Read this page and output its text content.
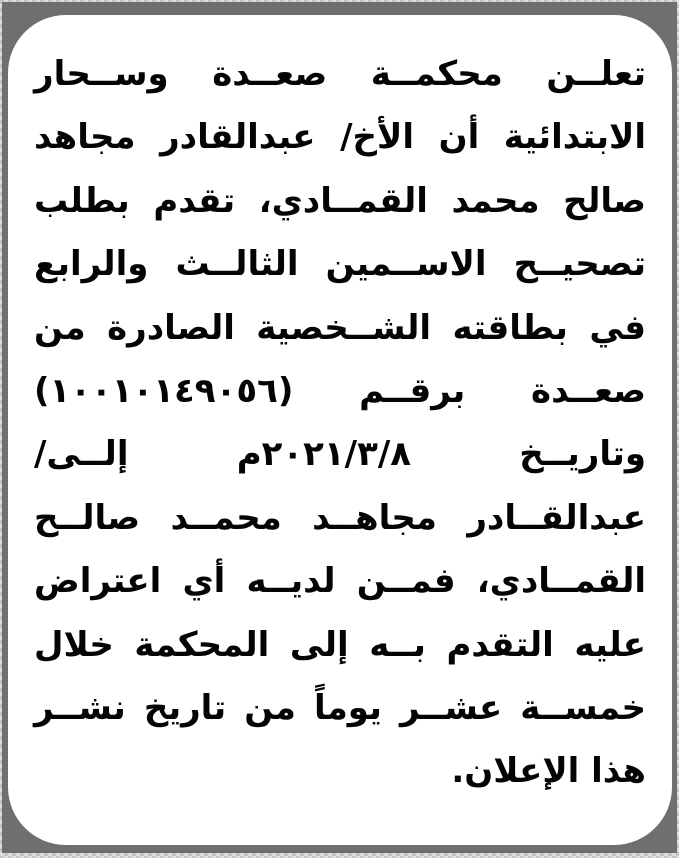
تعلــن محكمــة صعــدة وســحار
الابتدائية أن الأخ/ عبدالقادر مجاهد
صالح محمد القمــادي، تقدم بطلب
تصحيــح الاســمين الثالــث والرابع
في بطاقته الشــخصية الصادرة من
صعــدة برقــم (١٠٠١٠١٤٩٠٥٦)
وتاريــخ ٢٠٢١/٣/٨م إلــى/
عبدالقــادر مجاهــد محمــد صالــح
القمــادي، فمــن لديــه أي اعتراض
عليه التقدم بــه إلى المحكمة خلال
خمســة عشــر يوماً من تاريخ نشــر
هذا الإعلان.
